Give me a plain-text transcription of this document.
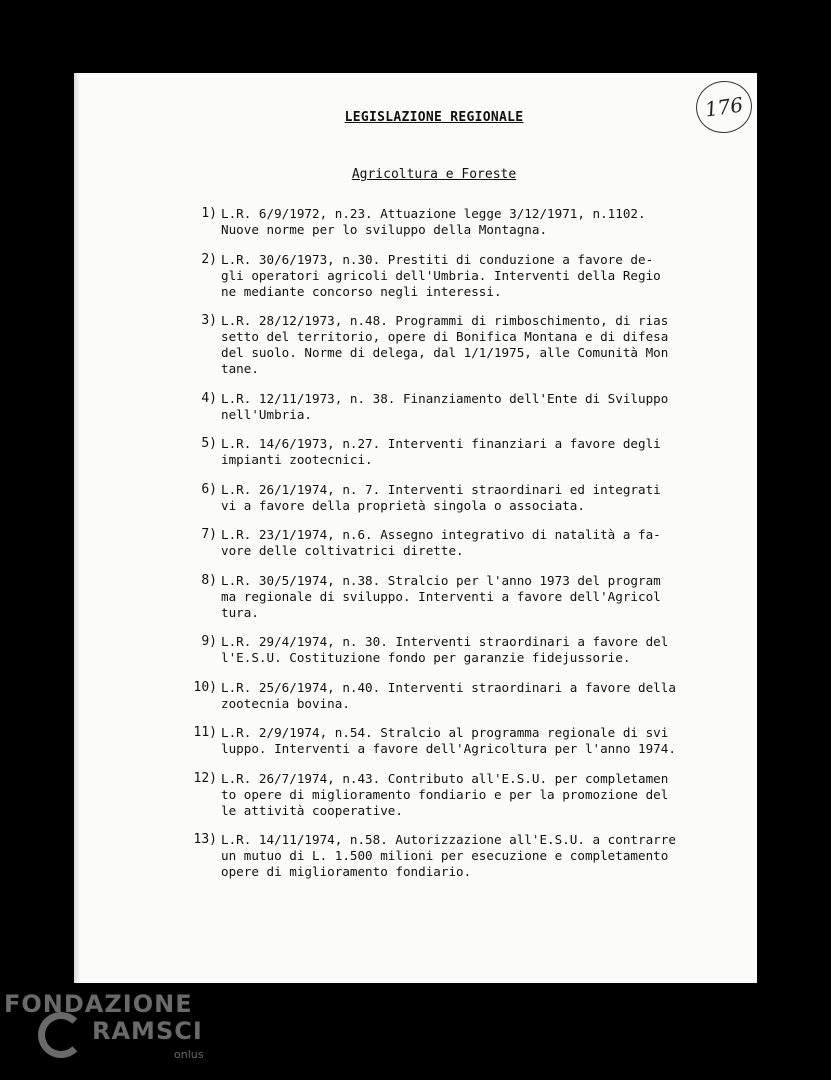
176
LEGISLAZIONE REGIONALE
Agricoltura e Foreste
1) L.R. 6/9/1972, n.23. Attuazione legge 3/12/1971, n.1102.
Nuove norme per lo sviluppo della Montagna.
2) L.R. 30/6/1973, n.30. Prestiti di conduzione a favore de-
gli operatori agricoli dell'Umbria. Interventi della Regio
ne mediante concorso negli interessi.
3) L.R. 28/12/1973, n.48. Programmi di rimboschimento, di rias
setto del territorio, opere di Bonifica Montana e di difesa
del suolo. Norme di delega, dal 1/1/1975, alle Comunità Mon
tane.
4) L.R. 12/11/1973, n. 38. Finanziamento dell'Ente di Sviluppo
nell'Umbria.
5) L.R. 14/6/1973, n.27. Interventi finanziari a favore degli
impianti zootecnici.
6) L.R. 26/1/1974, n. 7. Interventi straordinari ed integrati
vi a favore della proprietà singola o associata.
7) L.R. 23/1/1974, n.6. Assegno integrativo di natalità a fa-
vore delle coltivatrici dirette.
8) L.R. 30/5/1974, n.38. Stralcio per l'anno 1973 del program
ma regionale di sviluppo. Interventi a favore dell'Agricol
tura.
9) L.R. 29/4/1974, n. 30. Interventi straordinari a favore del
l'E.S.U. Costituzione fondo per garanzie fidejussorie.
10) L.R. 25/6/1974, n.40. Interventi straordinari a favore della
zootecnia bovina.
11) L.R. 2/9/1974, n.54. Stralcio al programma regionale di svi
luppo. Interventi a favore dell'Agricoltura per l'anno 1974.
12) L.R. 26/7/1974, n.43. Contributo all'E.S.U. per completamen
to opere di miglioramento fondiario e per la promozione del
le attività cooperative.
13) L.R. 14/11/1974, n.58. Autorizzazione all'E.S.U. a contrarre
un mutuo di L. 1.500 milioni per esecuzione e completamento
opere di miglioramento fondiario.
FONDAZIONE
RAMSCI
onlus
